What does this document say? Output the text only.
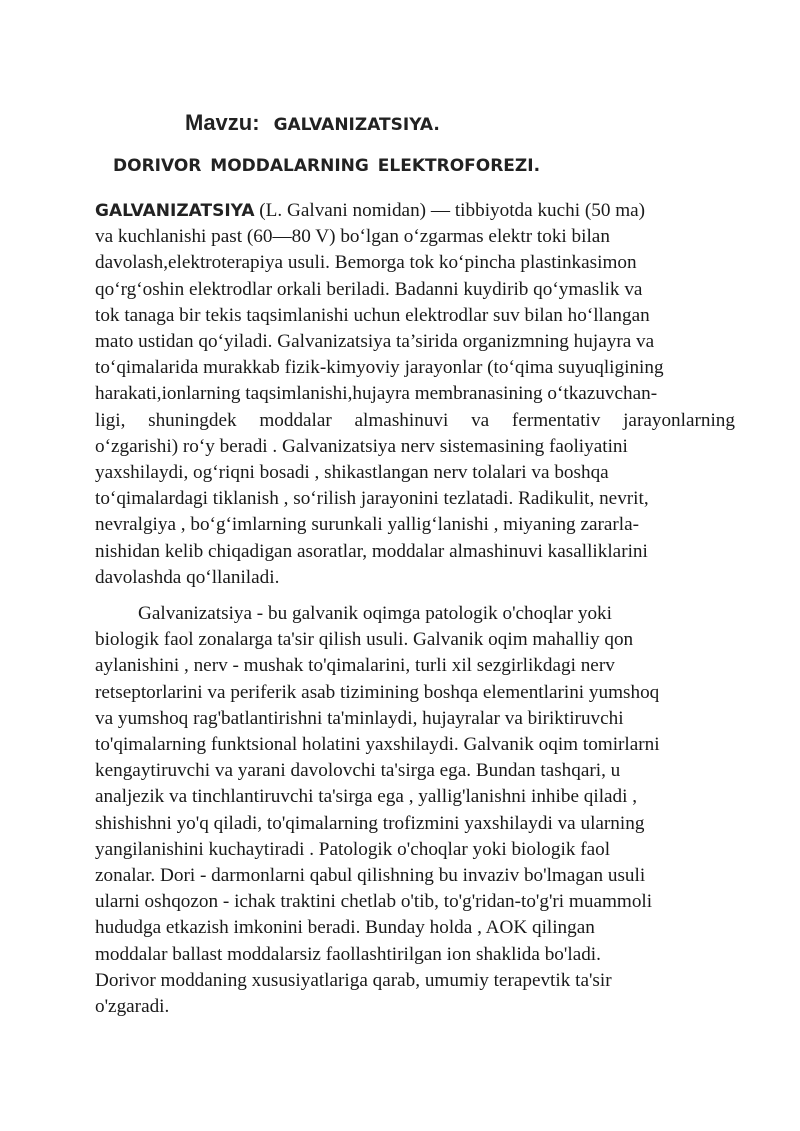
Mavzu: GALVANIZATSIYA.
DORIVOR MODDALARNING ELEKTROFOREZI.
GALVANIZATSIYA (L. Galvani nomidan) — tibbiyotda kuchi (50 ma)
va kuchlanishi past (60—80 V) bo‘lgan o‘zgarmas elektr toki bilan
davolash,elektroterapiya usuli. Bemorga tok ko‘pincha plastinkasimon
qo‘rg‘oshin elektrodlar orkali beriladi. Badanni kuydirib qo‘ymaslik va
tok tanaga bir tekis taqsimlanishi uchun elektrodlar suv bilan ho‘llangan
mato ustidan qo‘yiladi. Galvanizatsiya ta’sirida organizmning hujayra va
to‘qimalarida murakkab fizik-kimyoviy jarayonlar (to‘qima suyuqligining
harakati,ionlarning taqsimlanishi,hujayra membranasining o‘tkazuvchan-
ligi, shuningdek moddalar almashinuvi va fermentativ jarayonlarning
o‘zgarishi) ro‘y beradi . Galvanizatsiya nerv sistemasining faoliyatini
yaxshilaydi, og‘riqni bosadi , shikastlangan nerv tolalari va boshqa
to‘qimalardagi tiklanish , so‘rilish jarayonini tezlatadi. Radikulit, nevrit,
nevralgiya , bo‘g‘imlarning surunkali yallig‘lanishi , miyaning zararla-
nishidan kelib chiqadigan asoratlar, moddalar almashinuvi kasalliklarini
davolashda qo‘llaniladi.
Galvanizatsiya - bu galvanik oqimga patologik o'choqlar yoki
biologik faol zonalarga ta'sir qilish usuli. Galvanik oqim mahalliy qon
aylanishini , nerv - mushak to'qimalarini, turli xil sezgirlikdagi nerv
retseptorlarini va periferik asab tizimining boshqa elementlarini yumshoq
va yumshoq rag'batlantirishni ta'minlaydi, hujayralar va biriktiruvchi
to'qimalarning funktsional holatini yaxshilaydi. Galvanik oqim tomirlarni
kengaytiruvchi va yarani davolovchi ta'sirga ega. Bundan tashqari, u
analjezik va tinchlantiruvchi ta'sirga ega , yallig'lanishni inhibe qiladi ,
shishishni yo'q qiladi, to'qimalarning trofizmini yaxshilaydi va ularning
yangilanishini kuchaytiradi . Patologik o'choqlar yoki biologik faol
zonalar. Dori - darmonlarni qabul qilishning bu invaziv bo'lmagan usuli
ularni oshqozon - ichak traktini chetlab o'tib, to'g'ridan-to'g'ri muammoli
hududga etkazish imkonini beradi. Bunday holda , AOK qilingan
moddalar ballast moddalarsiz faollashtirilgan ion shaklida bo'ladi.
Dorivor moddaning xususiyatlariga qarab, umumiy terapevtik ta'sir
o'zgaradi.
